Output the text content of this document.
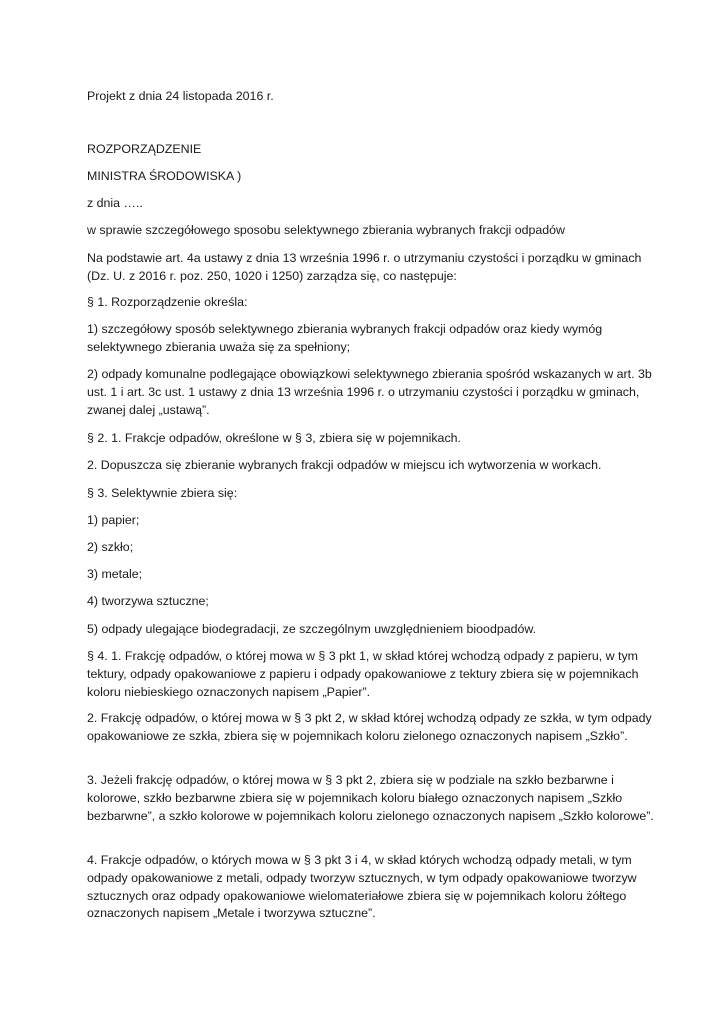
Projekt z dnia 24 listopada 2016 r.

ROZPORZĄDZENIE

MINISTRA ŚRODOWISKA )

z dnia …..

w sprawie szczegółowego sposobu selektywnego zbierania wybranych frakcji odpadów

Na podstawie art. 4a ustawy z dnia 13 września 1996 r. o utrzymaniu czystości i porządku w gminach (Dz. U. z 2016 r. poz. 250, 1020 i 1250) zarządza się, co następuje:

§ 1. Rozporządzenie określa:

1) szczegółowy sposób selektywnego zbierania wybranych frakcji odpadów oraz kiedy wymóg selektywnego zbierania uważa się za spełniony;

2) odpady komunalne podlegające obowiązkowi selektywnego zbierania spośród wskazanych w art. 3b ust. 1 i art. 3c ust. 1 ustawy z dnia 13 września 1996 r. o utrzymaniu czystości i porządku w gminach, zwanej dalej „ustawą”.

§ 2. 1. Frakcje odpadów, określone w § 3, zbiera się w pojemnikach.

2. Dopuszcza się zbieranie wybranych frakcji odpadów w miejscu ich wytworzenia w workach.

§ 3. Selektywnie zbiera się:

1) papier;

2) szkło;

3) metale;

4) tworzywa sztuczne;

5) odpady ulegające biodegradacji, ze szczególnym uwzględnieniem bioodpadów.

§ 4. 1. Frakcję odpadów, o której mowa w § 3 pkt 1, w skład której wchodzą odpady z papieru, w tym tektury, odpady opakowaniowe z papieru i odpady opakowaniowe z tektury zbiera się w pojemnikach koloru niebieskiego oznaczonych napisem „Papier”.

2. Frakcję odpadów, o której mowa w § 3 pkt 2, w skład której wchodzą odpady ze szkła, w tym odpady opakowaniowe ze szkła, zbiera się w pojemnikach koloru zielonego oznaczonych napisem „Szkło”.

3. Jeżeli frakcję odpadów, o której mowa w § 3 pkt 2, zbiera się w podziale na szkło bezbarwne i kolorowe, szkło bezbarwne zbiera się w pojemnikach koloru białego oznaczonych napisem „Szkło bezbarwne”, a szkło kolorowe w pojemnikach koloru zielonego oznaczonych napisem „Szkło kolorowe”.

4. Frakcje odpadów, o których mowa w § 3 pkt 3 i 4, w skład których wchodzą odpady metali, w tym odpady opakowaniowe z metali, odpady tworzyw sztucznych, w tym odpady opakowaniowe tworzyw sztucznych oraz odpady opakowaniowe wielomateriałowe zbiera się w pojemnikach koloru żółtego oznaczonych napisem „Metale i tworzywa sztuczne”.
